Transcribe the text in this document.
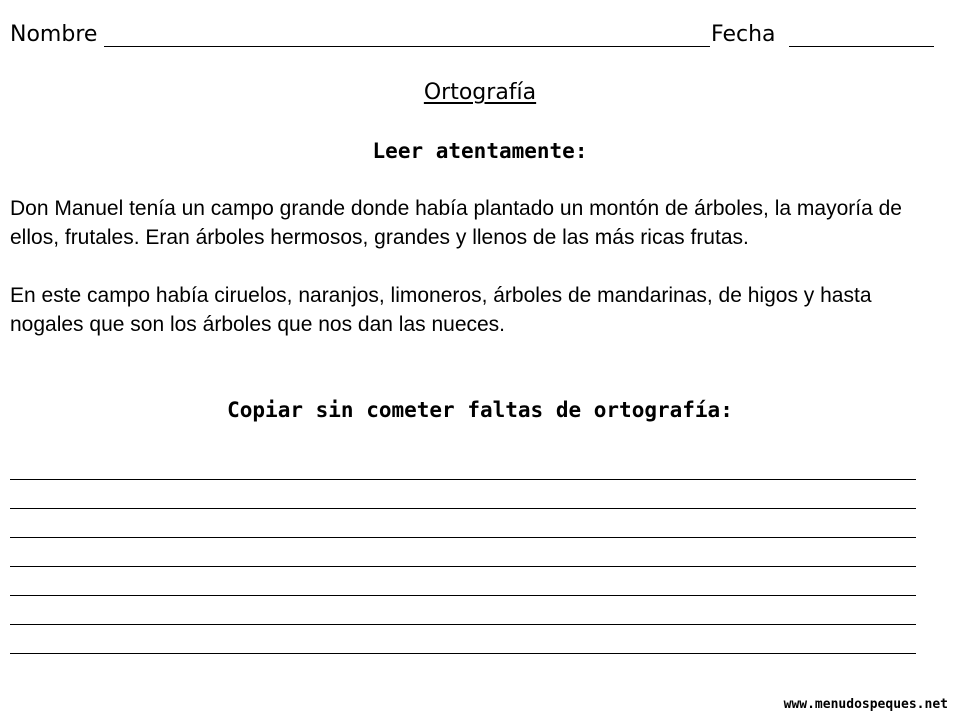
Nombre	Fecha
Ortografía
Leer atentamente:
Don Manuel tenía un campo grande donde había plantado un montón de árboles, la mayoría de ellos, frutales. Eran árboles hermosos, grandes y llenos de las más ricas frutas.
En este campo había ciruelos, naranjos, limoneros, árboles de mandarinas, de higos y hasta nogales que son los árboles que nos dan las nueces.
Copiar sin cometer faltas de ortografía:
www.menudospeques.net
